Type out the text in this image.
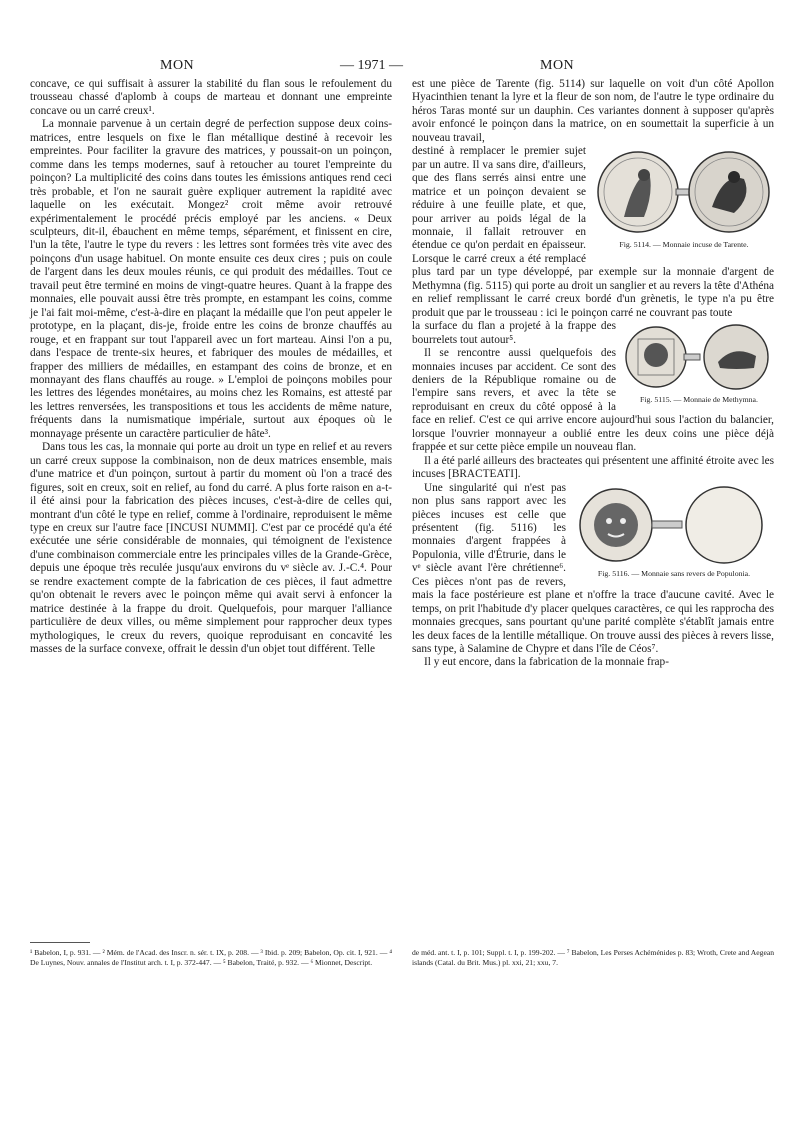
MON	— 1971 —	MON

concave, ce qui suffisait à assurer la stabilité du flan sous le refoulement du trousseau chassé d'aplomb à coups de marteau et donnant une empreinte concave ou un carré creux¹.

La monnaie parvenue à un certain degré de perfection suppose deux coins-matrices, entre lesquels on fixe le flan métallique destiné à recevoir les empreintes. Pour faciliter la gravure des matrices, y poussait-on un poinçon, comme dans les temps modernes, sauf à retoucher au touret l'empreinte du poinçon? La multiplicité des coins dans toutes les émissions antiques rend ceci très probable, et l'on ne saurait guère expliquer autrement la rapidité avec laquelle on les exécutait. Mongez² croit même avoir retrouvé expérimentalement le procédé précis employé par les anciens. « Deux sculpteurs, dit-il, ébauchent en même temps, séparément, et finissent en cire, l'un la tête, l'autre le type du revers : les lettres sont formées très vite avec des poinçons d'un usage habituel. On monte ensuite ces deux cires ; puis on coule de l'argent dans les deux moules réunis, ce qui produit des médailles. Tout ce travail peut être terminé en moins de vingt-quatre heures. Quant à la frappe des monnaies, elle pouvait aussi être très prompte, en estampant les coins, comme je l'ai fait moi-même, c'est-à-dire en plaçant la médaille que l'on peut appeler le prototype, en la plaçant, dis-je, froide entre les coins de bronze chauffés au rouge, et en frappant sur tout l'appareil avec un fort marteau. Ainsi l'on a pu, dans l'espace de trente-six heures, et fabriquer des moules de médailles, et frapper des milliers de médailles, en estampant des coins de bronze, et en monnayant des flans chauffés au rouge. » L'emploi de poinçons mobiles pour les lettres des légendes monétaires, au moins chez les Romains, est attesté par les lettres renversées, les transpositions et tous les accidents de même nature, fréquents dans la numismatique impériale, surtout aux époques où le monnayage présente un caractère particulier de hâte³.

Dans tous les cas, la monnaie qui porte au droit un type en relief et au revers un carré creux suppose la combinaison, non de deux matrices ensemble, mais d'une matrice et d'un poinçon, surtout à partir du moment où l'on a tracé des figures, soit en creux, soit en relief, au fond du carré. A plus forte raison en a-t-il été ainsi pour la fabrication des pièces incuses, c'est-à-dire de celles qui, montrant d'un côté le type en relief, comme à l'ordinaire, reproduisent le même type en creux sur l'autre face [INCUSI NUMMI]. C'est par ce procédé qu'a été exécutée une série considérable de monnaies, qui témoignent de l'existence d'une combinaison commerciale entre les principales villes de la Grande-Grèce, depuis une époque très reculée jusqu'aux environs du vᵉ siècle av. J.-C.⁴. Pour se rendre exactement compte de la fabrication de ces pièces, il faut admettre qu'on obtenait le revers avec le poinçon même qui avait servi à enfoncer la matrice destinée à la frappe du droit. Quelquefois, pour marquer l'alliance particulière de deux villes, ou même simplement pour rapprocher deux types mythologiques, le creux du revers, quoique reproduisant en concavité les masses de la surface convexe, offrait le dessin d'un objet tout différent. Telle

est une pièce de Tarente (fig. 5114) sur laquelle on voit d'un côté Apollon Hyacinthien tenant la lyre et la fleur de son nom, de l'autre le type ordinaire du héros Taras monté sur un dauphin. Ces variantes donnent à supposer qu'après avoir enfoncé le poinçon dans la matrice, on en soumettait la superficie à un nouveau travail,

Fig. 5114. — Monnaie incuse de Tarente.

destiné à remplacer le premier sujet par un autre. Il va sans dire, d'ailleurs, que des flans serrés ainsi entre une matrice et un poinçon devaient se réduire à une feuille plate, et que, pour arriver au poids légal de la monnaie, il fallait retrouver en étendue ce qu'on perdait en épaisseur. Lorsque le carré creux a été remplacé plus tard par un type développé, par exemple sur la monnaie d'argent de Methymna (fig. 5115) qui porte au droit un sanglier et au revers la tête d'Athéna en relief remplissant le carré creux bordé d'un grènetis, le type n'a pu être produit que par le trousseau : ici le poinçon carré ne couvrant pas toute

Fig. 5115. — Monnaie de Methymna.

la surface du flan a projeté à la frappe des bourrelets tout autour⁵.

Il se rencontre aussi quelquefois des monnaies incuses par accident. Ce sont des deniers de la République romaine ou de l'empire sans revers, et avec la tête se reproduisant en creux du côté opposé à la face en relief. C'est ce qui arrive encore aujourd'hui sous l'action du balancier, lorsque l'ouvrier monnayeur a oublié entre les deux coins une pièce déjà frappée et sur cette pièce empile un nouveau flan.

Il a été parlé ailleurs des bracteates qui présentent une affinité étroite avec les incuses [BRACTEATI].

Fig. 5116. — Monnaie sans revers de Populonia.

Une singularité qui n'est pas non plus sans rapport avec les pièces incuses est celle que présentent (fig. 5116) les monnaies d'argent frappées à Populonia, ville d'Étrurie, dans le vᵉ siècle avant l'ère chrétienne⁶. Ces pièces n'ont pas de revers, mais la face postérieure est plane et n'offre la trace d'aucune cavité. Avec le temps, on prit l'habitude d'y placer quelques caractères, ce qui les rapprocha des monnaies grecques, sans pourtant qu'une parité complète s'établît jamais entre les deux faces de la lentille métallique. On trouve aussi des pièces à revers lisse, sans type, à Salamine de Chypre et dans l'île de Céos⁷.

Il y eut encore, dans la fabrication de la monnaie frap-

¹ Babelon, I, p. 931. — ² Mém. de l'Acad. des Inscr. n. sér. t. IX, p. 208. — ³ Ibid. p. 209; Babelon, Op. cit. I, 921. — ⁴ De Luynes, Nouv. annales de l'Institut arch. t. I, p. 372-447. — ⁵ Babelon, Traité, p. 932. — ⁶ Mionnet, Descript.
de méd. ant. t. I, p. 101; Suppl. t. I, p. 199-202. — ⁷ Babelon, Les Perses Achéménides p. 83; Wroth, Crete and Aegean islands (Catal. du Brit. Mus.) pl. xxi, 21; xxu, 7.
